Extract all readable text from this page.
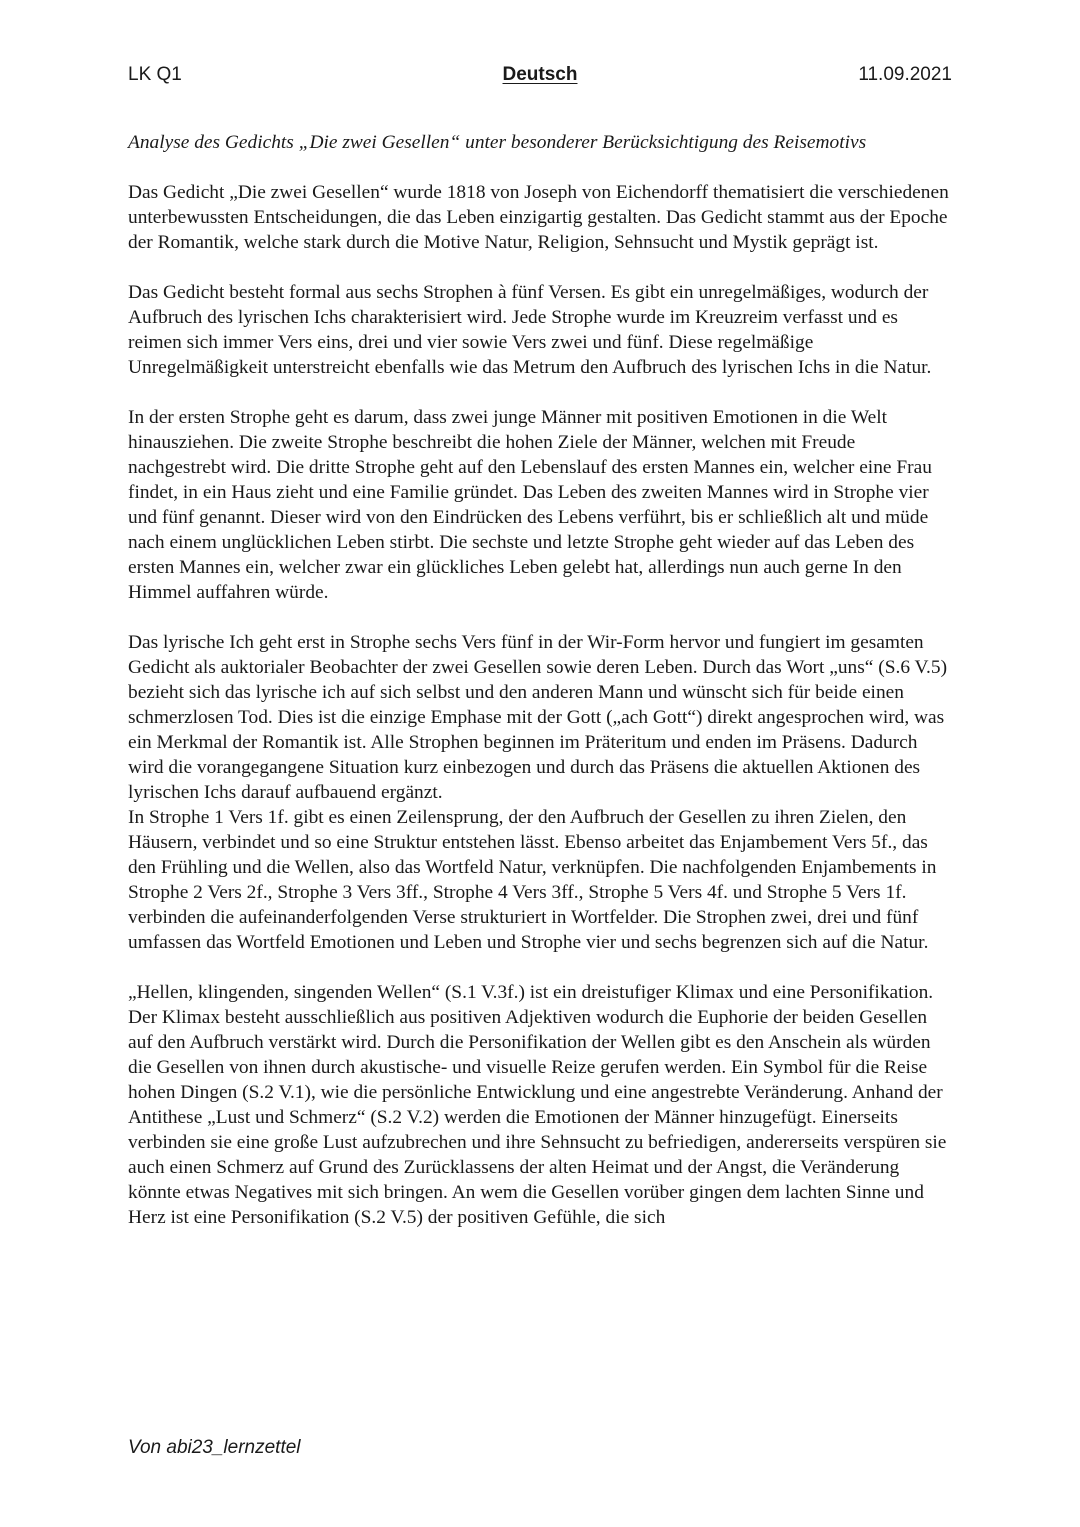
LK Q1	Deutsch	11.09.2021

Analyse des Gedichts „Die zwei Gesellen“ unter besonderer Berücksichtigung des Reisemotivs

Das Gedicht „Die zwei Gesellen“ wurde 1818 von Joseph von Eichendorff thematisiert die verschiedenen unterbewussten Entscheidungen, die das Leben einzigartig gestalten. Das Gedicht stammt aus der Epoche der Romantik, welche stark durch die Motive Natur, Religion, Sehnsucht und Mystik geprägt ist.

Das Gedicht besteht formal aus sechs Strophen à fünf Versen. Es gibt ein unregelmäßiges, wodurch der Aufbruch des lyrischen Ichs charakterisiert wird. Jede Strophe wurde im Kreuzreim verfasst und es reimen sich immer Vers eins, drei und vier sowie Vers zwei und fünf. Diese regelmäßige Unregelmäßigkeit unterstreicht ebenfalls wie das Metrum den Aufbruch des lyrischen Ichs in die Natur.

In der ersten Strophe geht es darum, dass zwei junge Männer mit positiven Emotionen in die Welt hinausziehen. Die zweite Strophe beschreibt die hohen Ziele der Männer, welchen mit Freude nachgestrebt wird. Die dritte Strophe geht auf den Lebenslauf des ersten Mannes ein, welcher eine Frau findet, in ein Haus zieht und eine Familie gründet. Das Leben des zweiten Mannes wird in Strophe vier und fünf genannt. Dieser wird von den Eindrücken des Lebens verführt, bis er schließlich alt und müde nach einem unglücklichen Leben stirbt. Die sechste und letzte Strophe geht wieder auf das Leben des ersten Mannes ein, welcher zwar ein glückliches Leben gelebt hat, allerdings nun auch gerne In den Himmel auffahren würde.

Das lyrische Ich geht erst in Strophe sechs Vers fünf in der Wir-Form hervor und fungiert im gesamten Gedicht als auktorialer Beobachter der zwei Gesellen sowie deren Leben. Durch das Wort „uns“ (S.6 V.5) bezieht sich das lyrische ich auf sich selbst und den anderen Mann und wünscht sich für beide einen schmerzlosen Tod. Dies ist die einzige Emphase mit der Gott („ach Gott“) direkt angesprochen wird, was ein Merkmal der Romantik ist. Alle Strophen beginnen im Präteritum und enden im Präsens. Dadurch wird die vorangegangene Situation kurz einbezogen und durch das Präsens die aktuellen Aktionen des lyrischen Ichs darauf aufbauend ergänzt.

In Strophe 1 Vers 1f. gibt es einen Zeilensprung, der den Aufbruch der Gesellen zu ihren Zielen, den Häusern, verbindet und so eine Struktur entstehen lässt. Ebenso arbeitet das Enjambement Vers 5f., das den Frühling und die Wellen, also das Wortfeld Natur, verknüpfen. Die nachfolgenden Enjambements in Strophe 2 Vers 2f., Strophe 3 Vers 3ff., Strophe 4 Vers 3ff., Strophe 5 Vers 4f. und Strophe 5 Vers 1f. verbinden die aufeinanderfolgenden Verse strukturiert in Wortfelder. Die Strophen zwei, drei und fünf umfassen das Wortfeld Emotionen und Leben und Strophe vier und sechs begrenzen sich auf die Natur.

„Hellen, klingenden, singenden Wellen“ (S.1 V.3f.) ist ein dreistufiger Klimax und eine Personifikation. Der Klimax besteht ausschließlich aus positiven Adjektiven wodurch die Euphorie der beiden Gesellen auf den Aufbruch verstärkt wird. Durch die Personifikation der Wellen gibt es den Anschein als würden die Gesellen von ihnen durch akustische- und visuelle Reize gerufen werden. Ein Symbol für die Reise hohen Dingen (S.2 V.1), wie die persönliche Entwicklung und eine angestrebte Veränderung. Anhand der Antithese „Lust und Schmerz“ (S.2 V.2) werden die Emotionen der Männer hinzugefügt. Einerseits verbinden sie eine große Lust aufzubrechen und ihre Sehnsucht zu befriedigen, andererseits verspüren sie auch einen Schmerz auf Grund des Zurücklassens der alten Heimat und der Angst, die Veränderung könnte etwas Negatives mit sich bringen. An wem die Gesellen vorüber gingen dem lachten Sinne und Herz ist eine Personifikation (S.2 V.5) der positiven Gefühle, die sich

Von abi23_lernzettel
